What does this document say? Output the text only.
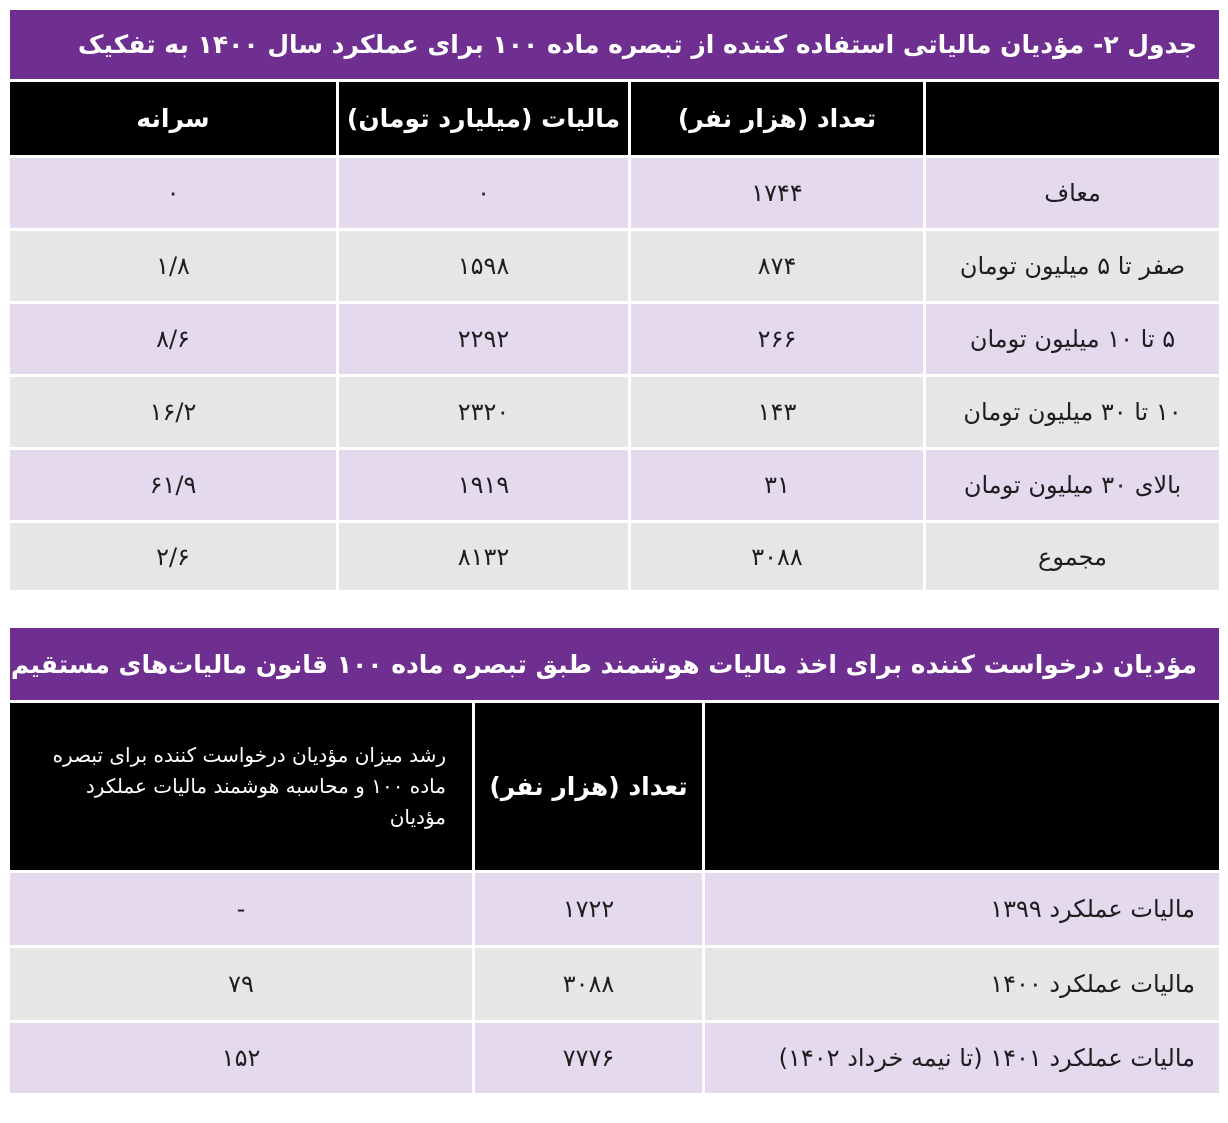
جدول ۲- مؤدیان مالیاتی استفاده کننده از تبصره ماده ۱۰۰ برای عملکرد سال ۱۴۰۰ به تفکیک
تعداد (هزار نفر)
مالیات (میلیارد تومان)
سرانه
معاف
۱۷۴۴
۰
۰
صفر تا ۵ میلیون تومان
۸۷۴
۱۵۹۸
۱/۸
۵ تا ۱۰ میلیون تومان
۲۶۶
۲۲۹۲
۸/۶
۱۰ تا ۳۰ میلیون تومان
۱۴۳
۲۳۲۰
۱۶/۲
بالای ۳۰ میلیون تومان
۳۱
۱۹۱۹
۶۱/۹
مجموع
۳۰۸۸
۸۱۳۲
۲/۶
مؤدیان درخواست کننده برای اخذ مالیات هوشمند طبق تبصره ماده ۱۰۰ قانون مالیات‌های مستقیم
تعداد (هزار نفر)
رشد میزان مؤدیان درخواست کننده برای تبصره ماده ۱۰۰ و محاسبه هوشمند مالیات عملکرد مؤدیان
مالیات عملکرد ۱۳۹۹
۱۷۲۲
-
مالیات عملکرد ۱۴۰۰
۳۰۸۸
۷۹
مالیات عملکرد ۱۴۰۱ (تا نیمه خرداد ۱۴۰۲)
۷۷۷۶
۱۵۲
